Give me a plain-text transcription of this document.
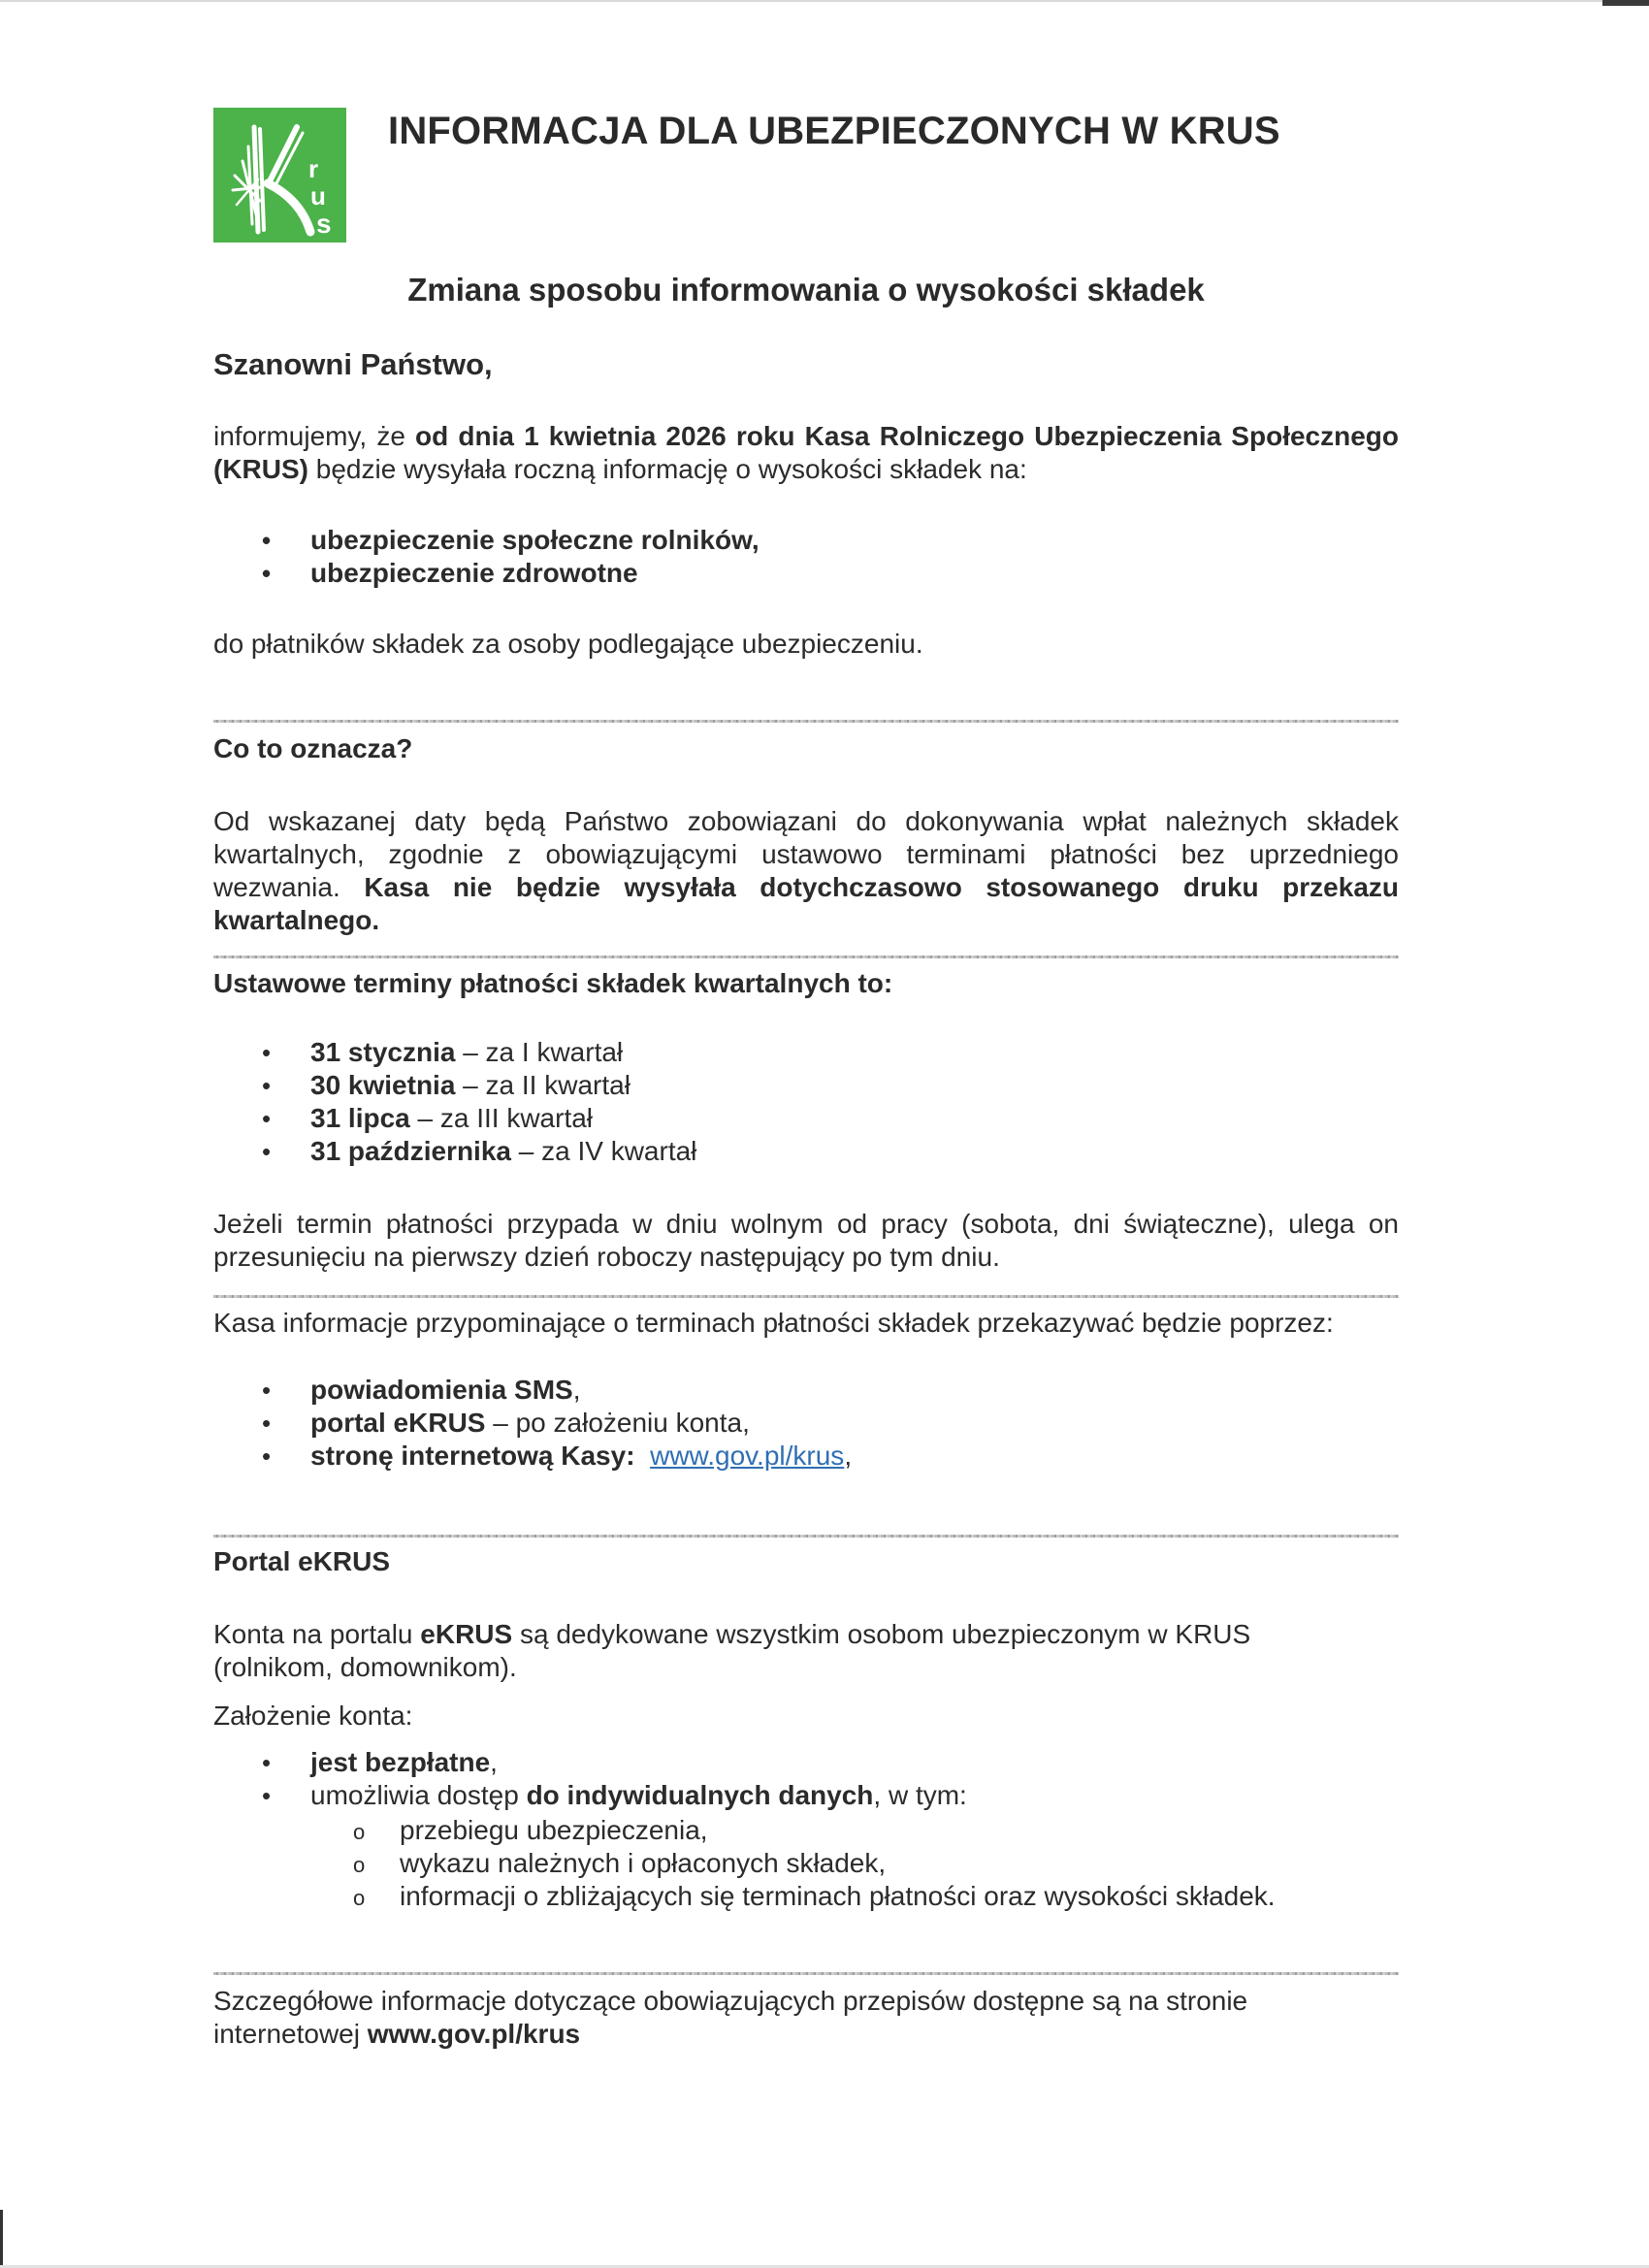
r
u
s
INFORMACJA DLA UBEZPIECZONYCH W KRUS
Zmiana sposobu informowania o wysokości składek
Szanowni Państwo,
informujemy, że od dnia 1 kwietnia 2026 roku Kasa Rolniczego Ubezpieczenia Społecznego (KRUS) będzie wysyłała roczną informację o wysokości składek na:
• ubezpieczenie społeczne rolników,
• ubezpieczenie zdrowotne
do płatników składek za osoby podlegające ubezpieczeniu.
Co to oznacza?
Od wskazanej daty będą Państwo zobowiązani do dokonywania wpłat należnych składek kwartalnych, zgodnie z obowiązującymi ustawowo terminami płatności bez uprzedniego wezwania. Kasa nie będzie wysyłała dotychczasowo stosowanego druku przekazu kwartalnego.
Ustawowe terminy płatności składek kwartalnych to:
• 31 stycznia – za I kwartał
• 30 kwietnia – za II kwartał
• 31 lipca – za III kwartał
• 31 października – za IV kwartał
Jeżeli termin płatności przypada w dniu wolnym od pracy (sobota, dni świąteczne), ulega on przesunięciu na pierwszy dzień roboczy następujący po tym dniu.
Kasa informacje przypominające o terminach płatności składek przekazywać będzie poprzez:
• powiadomienia SMS,
• portal eKRUS – po założeniu konta,
• stronę internetową Kasy: www.gov.pl/krus,
Portal eKRUS
Konta na portalu eKRUS są dedykowane wszystkim osobom ubezpieczonym w KRUS (rolnikom, domownikom).
Założenie konta:
• jest bezpłatne,
• umożliwia dostęp do indywidualnych danych, w tym:
o przebiegu ubezpieczenia,
o wykazu należnych i opłaconych składek,
o informacji o zbliżających się terminach płatności oraz wysokości składek.
Szczegółowe informacje dotyczące obowiązujących przepisów dostępne są na stronie internetowej www.gov.pl/krus
